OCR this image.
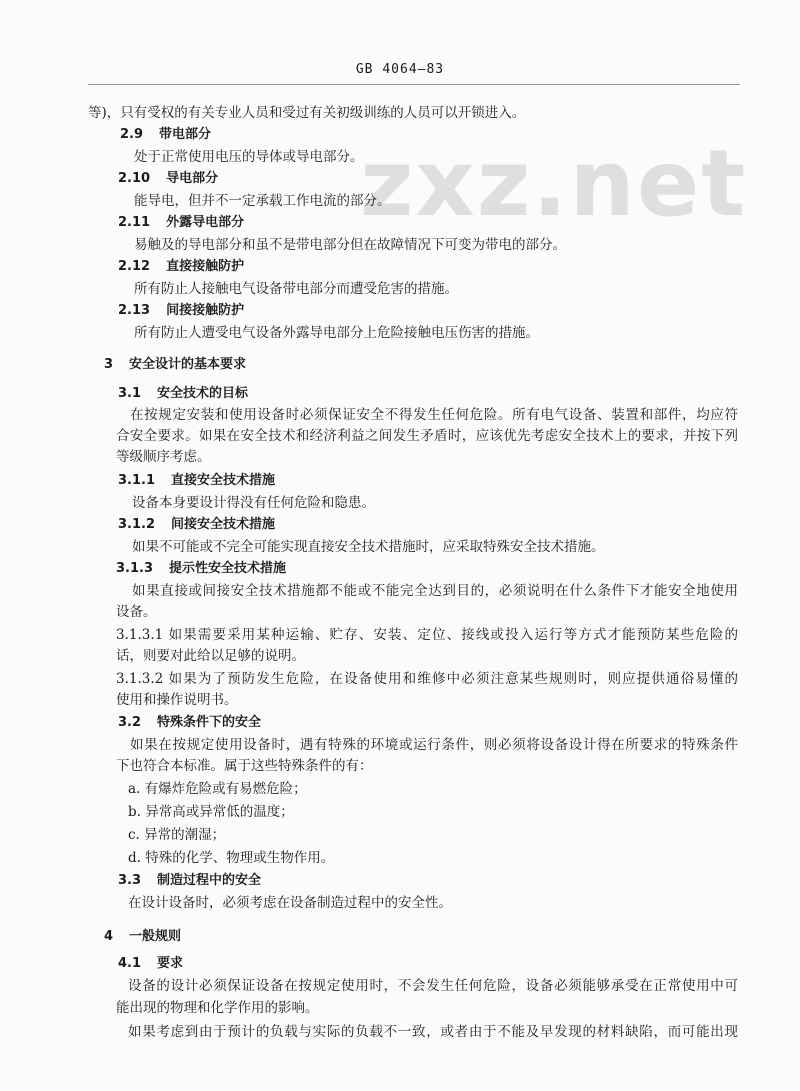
zxz.net
GB 4064—83
等)，只有受权的有关专业人员和受过有关初级训练的人员可以开锁进入。
2.9 带电部分
处于正常使用电压的导体或导电部分。
2.10 导电部分
能导电，但并不一定承载工作电流的部分。
2.11 外露导电部分
易触及的导电部分和虽不是带电部分但在故障情况下可变为带电的部分。
2.12 直接接触防护
所有防止人接触电气设备带电部分而遭受危害的措施。
2.13 间接接触防护
所有防止人遭受电气设备外露导电部分上危险接触电压伤害的措施。
3 安全设计的基本要求
3.1 安全技术的目标
在按规定安装和使用设备时必须保证安全不得发生任何危险。所有电气设备、装置和部件，均应符
合安全要求。如果在安全技术和经济利益之间发生矛盾时，应该优先考虑安全技术上的要求，并按下列
等级顺序考虑。
3.1.1 直接安全技术措施
设备本身要设计得没有任何危险和隐患。
3.1.2 间接安全技术措施
如果不可能或不完全可能实现直接安全技术措施时，应采取特殊安全技术措施。
3.1.3 提示性安全技术措施
如果直接或间接安全技术措施都不能或不能完全达到目的，必须说明在什么条件下才能安全地使用
设备。
3.1.3.1 如果需要采用某种运输、贮存、安装、定位、接线或投入运行等方式才能预防某些危险的
话，则要对此给以足够的说明。
3.1.3.2 如果为了预防发生危险，在设备使用和维修中必须注意某些规则时，则应提供通俗易懂的
使用和操作说明书。
3.2 特殊条件下的安全
如果在按规定使用设备时，遇有特殊的环境或运行条件，则必须将设备设计得在所要求的特殊条件
下也符合本标准。属于这些特殊条件的有：
a. 有爆炸危险或有易燃危险；
b. 异常高或异常低的温度；
c. 异常的潮湿；
d. 特殊的化学、物理或生物作用。
3.3 制造过程中的安全
在设计设备时，必须考虑在设备制造过程中的安全性。
4 一般规则
4.1 要求
设备的设计必须保证设备在按规定使用时，不会发生任何危险，设备必须能够承受在正常使用中可
能出现的物理和化学作用的影响。
如果考虑到由于预计的负载与实际的负载不一致，或者由于不能及早发现的材料缺陷，而可能出现
